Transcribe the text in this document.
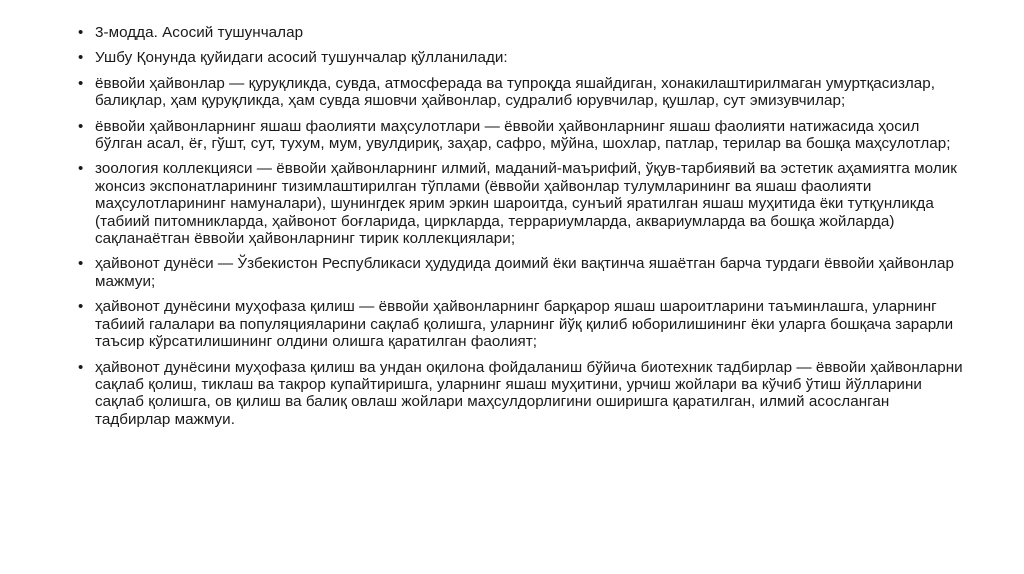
• 3-модда. Асосий тушунчалар
• Ушбу Қонунда қуйидаги асосий тушунчалар қўлланилади:
• ёввойи ҳайвонлар — қуруқликда, сувда, атмосферада ва тупроқда яшайдиган, хонакилаштирилмаган умуртқасизлар, балиқлар, ҳам қуруқликда, ҳам сувда яшовчи ҳайвонлар, судралиб юрувчилар, қушлар, сут эмизувчилар;
• ёввойи ҳайвонларнинг яшаш фаолияти маҳсулотлари — ёввойи ҳайвонларнинг яшаш фаолияти натижасида ҳосил бўлган асал, ёғ, гўшт, сут, тухум, мум, увулдириқ, заҳар, сафро, мўйна, шохлар, патлар, терилар ва бошқа маҳсулотлар;
• зоология коллекцияси — ёввойи ҳайвонларнинг илмий, маданий-маърифий, ўқув-тарбиявий ва эстетик аҳамиятга молик жонсиз экспонатларининг тизимлаштирилган тўплами (ёввойи ҳайвонлар тулумларининг ва яшаш фаолияти маҳсулотларининг намуналари), шунингдек ярим эркин шароитда, сунъий яратилган яшаш муҳитида ёки тутқунликда (табиий питомникларда, ҳайвонот боғларида, циркларда, террариумларда, аквариумларда ва бошқа жойларда) сақланаётган ёввойи ҳайвонларнинг тирик коллекциялари;
• ҳайвонот дунёси — Ўзбекистон Республикаси ҳудудида доимий ёки вақтинча яшаётган барча турдаги ёввойи ҳайвонлар мажмуи;
• ҳайвонот дунёсини муҳофаза қилиш — ёввойи ҳайвонларнинг барқарор яшаш шароитларини таъминлашга, уларнинг табиий галалари ва популяцияларини сақлаб қолишга, уларнинг йўқ қилиб юборилишининг ёки уларга бошқача зарарли таъсир кўрсатилишининг олдини олишга қаратилган фаолият;
• ҳайвонот дунёсини муҳофаза қилиш ва ундан оқилона фойдаланиш бўйича биотехник тадбирлар — ёввойи ҳайвонларни сақлаб қолиш, тиклаш ва такрор купайтиришга, уларнинг яшаш муҳитини, урчиш жойлари ва кўчиб ўтиш йўлларини сақлаб қолишга, ов қилиш ва балиқ овлаш жойлари маҳсулдорлигини оширишга қаратилган, илмий асосланган тадбирлар мажмуи.
